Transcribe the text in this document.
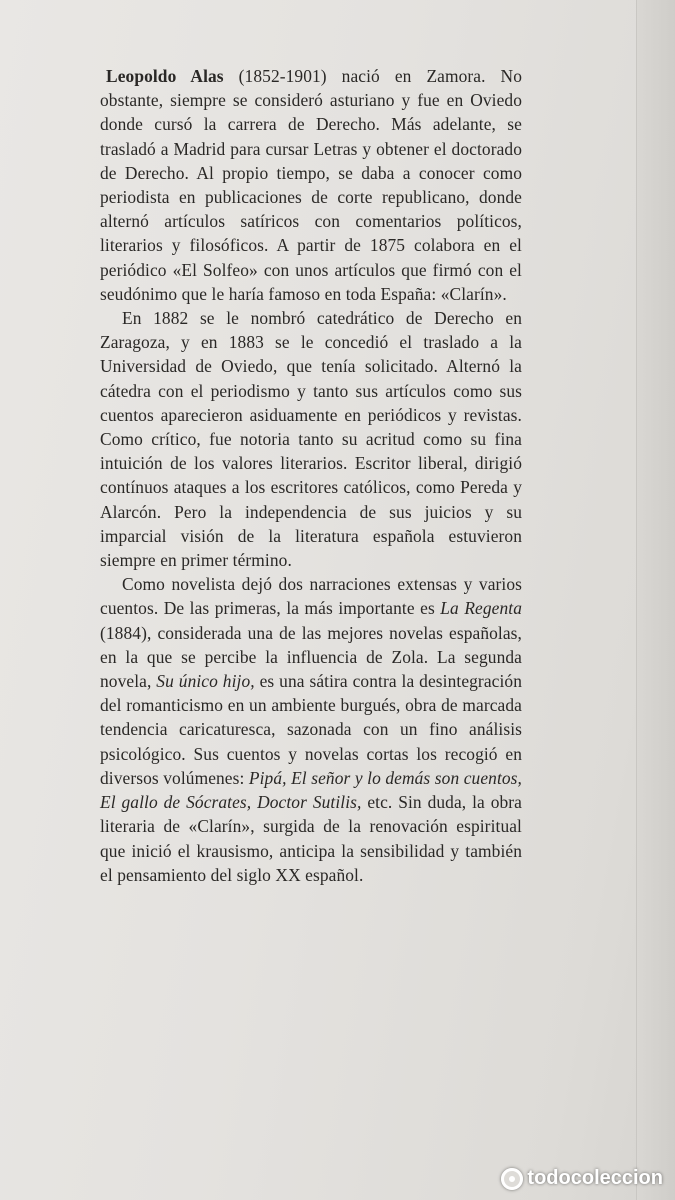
Leopoldo Alas (1852-1901) nació en Zamora. No obstante, siempre se consideró asturiano y fue en Oviedo donde cursó la carrera de Derecho. Más adelante, se trasladó a Madrid para cursar Letras y obtener el doctorado de Derecho. Al propio tiempo, se daba a conocer como periodista en publicaciones de corte republicano, donde alternó artículos satíricos con comentarios políticos, literarios y filosóficos. A partir de 1875 colabora en el periódico «El Solfeo» con unos artículos que firmó con el seudónimo que le haría famoso en toda España: «Clarín».

En 1882 se le nombró catedrático de Derecho en Zaragoza, y en 1883 se le concedió el traslado a la Universidad de Oviedo, que tenía solicitado. Alternó la cátedra con el periodismo y tanto sus artículos como sus cuentos aparecieron asiduamente en periódicos y revistas. Como crítico, fue notoria tanto su acritud como su fina intuición de los valores literarios. Escritor liberal, dirigió contínuos ataques a los escritores católicos, como Pereda y Alarcón. Pero la independencia de sus juicios y su imparcial visión de la literatura española estuvieron siempre en primer término.

Como novelista dejó dos narraciones extensas y varios cuentos. De las primeras, la más importante es La Regenta (1884), considerada una de las mejores novelas españolas, en la que se percibe la influencia de Zola. La segunda novela, Su único hijo, es una sátira contra la desintegración del romanticismo en un ambiente burgués, obra de marcada tendencia caricaturesca, sazonada con un fino análisis psicológico. Sus cuentos y novelas cortas los recogió en diversos volúmenes: Pipá, El señor y lo demás son cuentos, El gallo de Sócrates, Doctor Sutilis, etc. Sin duda, la obra literaria de «Clarín», surgida de la renovación espiritual que inició el krausismo, anticipa la sensibilidad y también el pensamiento del siglo XX español.

todocoleccion
